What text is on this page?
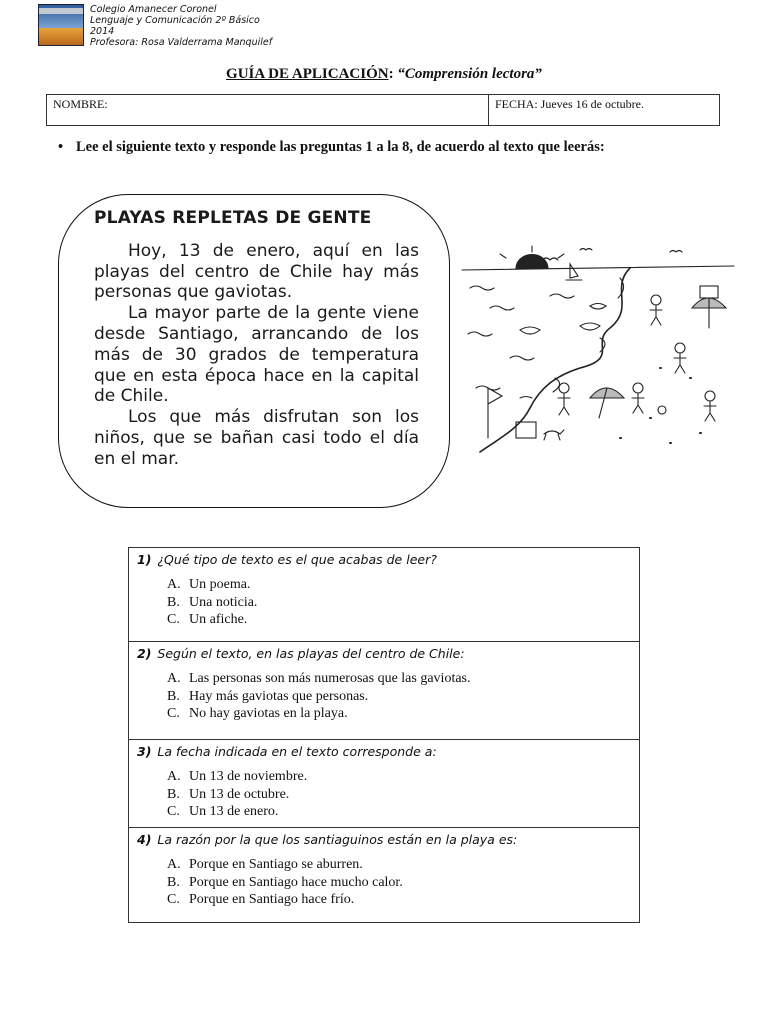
Colegio Amanecer Coronel
Lenguaje y Comunicación 2º Básico
2014
Profesora: Rosa Valderrama Manquilef
GUÍA DE APLICACIÓN: “Comprensión lectora”
NOMBRE:	FECHA: Jueves 16 de octubre.
• Lee el siguiente texto y responde las preguntas 1 a la 8, de acuerdo al texto que leerás:
PLAYAS REPLETAS DE GENTE

Hoy, 13 de enero, aquí en las playas del centro de Chile hay más personas que gaviotas.

La mayor parte de la gente viene desde Santiago, arrancando de los más de 30 grados de temperatura que en esta época hace en la capital de Chile.

Los que más disfrutan son los niños, que se bañan casi todo el día en el mar.

1) ¿Qué tipo de texto es el que acabas de leer?
A. Un poema.
B. Una noticia.
C. Un afiche.
2) Según el texto, en las playas del centro de Chile:
A. Las personas son más numerosas que las gaviotas.
B. Hay más gaviotas que personas.
C. No hay gaviotas en la playa.
3) La fecha indicada en el texto corresponde a:
A. Un 13 de noviembre.
B. Un 13 de octubre.
C. Un 13 de enero.
4) La razón por la que los santiaguinos están en la playa es:
A. Porque en Santiago se aburren.
B. Porque en Santiago hace mucho calor.
C. Porque en Santiago hace frío.
